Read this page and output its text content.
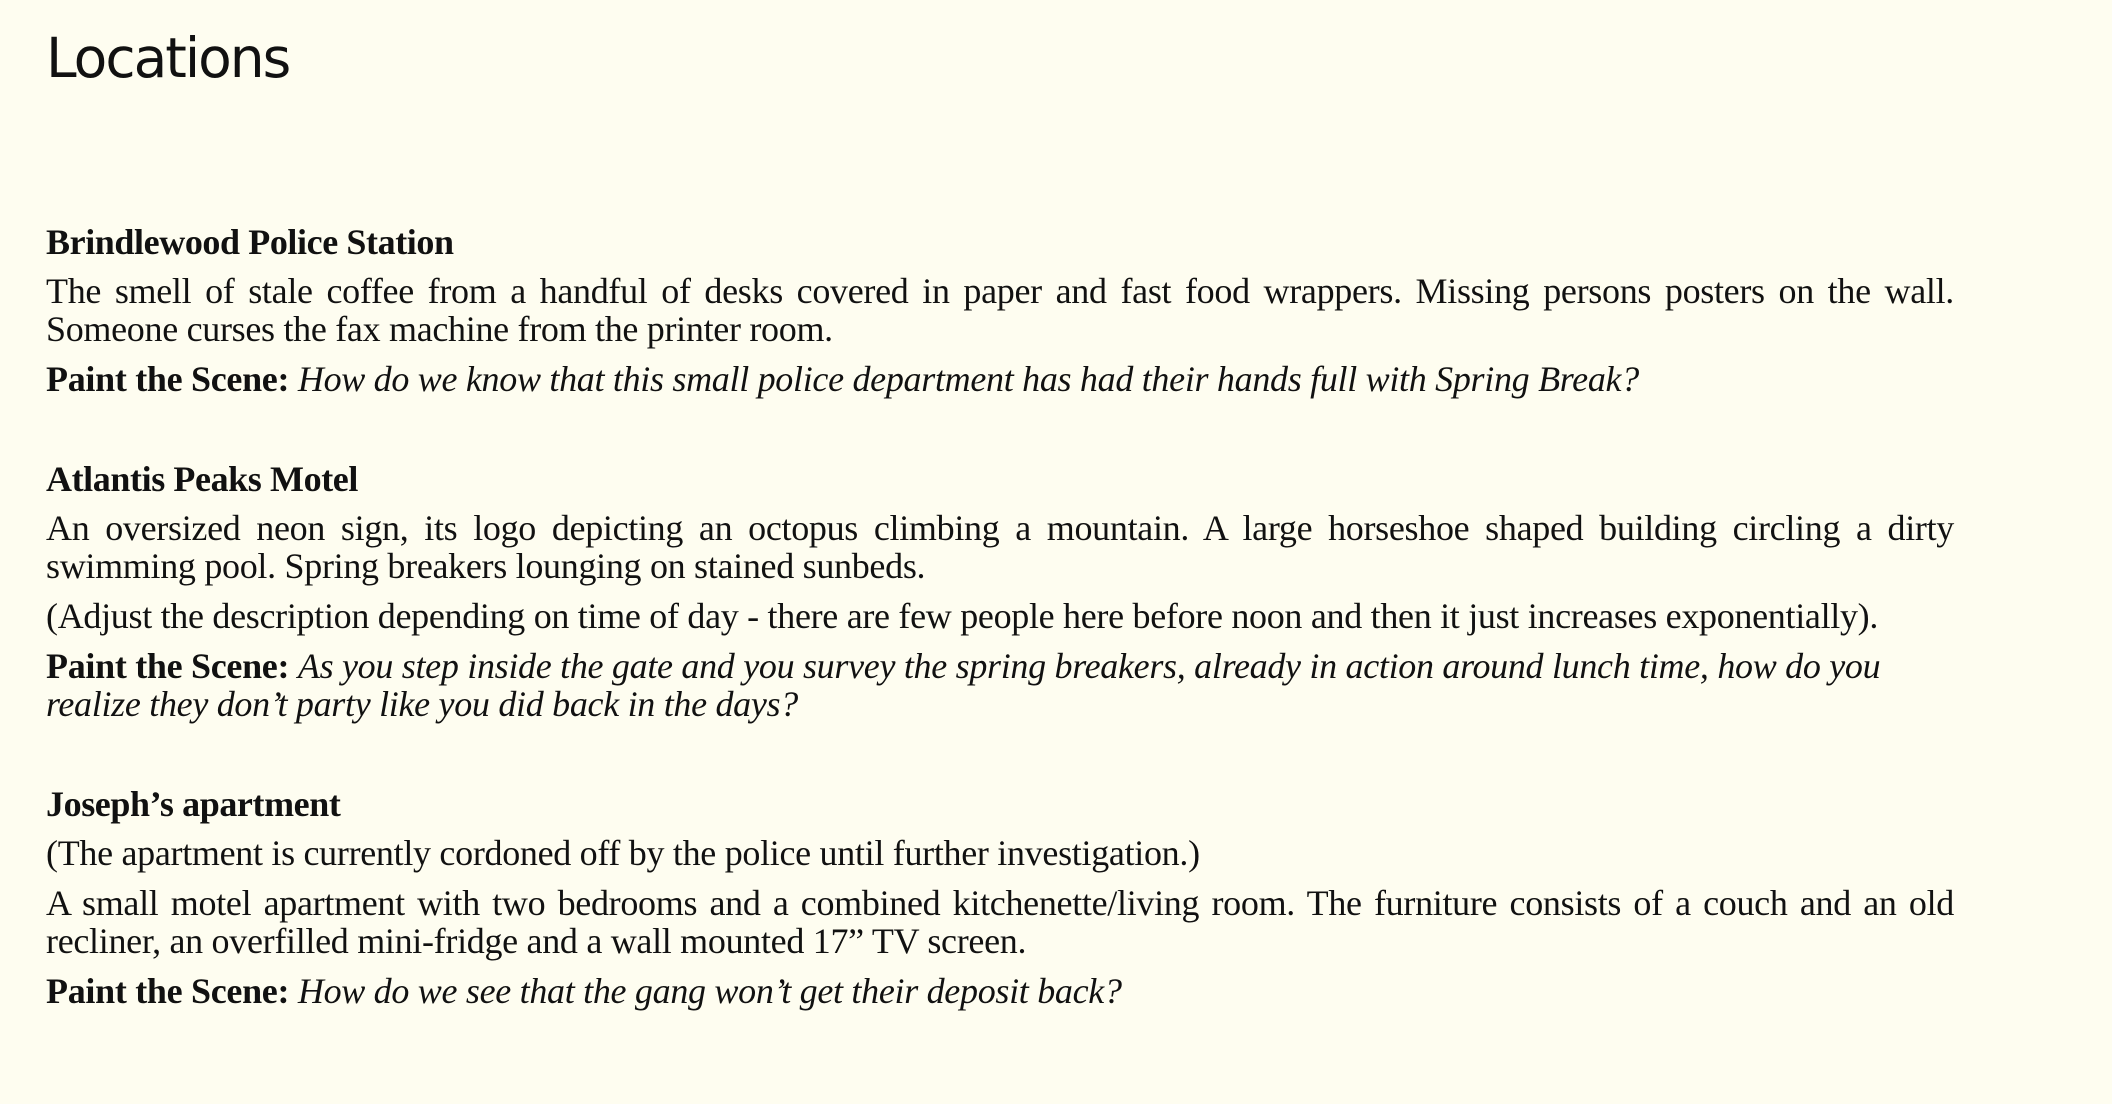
Locations
Brindlewood Police Station

The smell of stale coffee from a handful of desks covered in paper and fast food wrappers. Missing persons posters on the wall. Someone curses the fax machine from the printer room.

Paint the Scene: How do we know that this small police department has had their hands full with Spring Break?

Atlantis Peaks Motel

An oversized neon sign, its logo depicting an octopus climbing a mountain. A large horseshoe shaped building circling a dirty swimming pool. Spring breakers lounging on stained sunbeds.

(Adjust the description depending on time of day - there are few people here before noon and then it just increases exponentially).

Paint the Scene: As you step inside the gate and you survey the spring breakers, already in action around lunch time, how do you realize they don’t party like you did back in the days?

Joseph’s apartment

(The apartment is currently cordoned off by the police until further investigation.)

A small motel apartment with two bedrooms and a combined kitchenette/living room. The furniture consists of a couch and an old recliner, an overfilled mini-fridge and a wall mounted 17” TV screen.

Paint the Scene: How do we see that the gang won’t get their deposit back?
